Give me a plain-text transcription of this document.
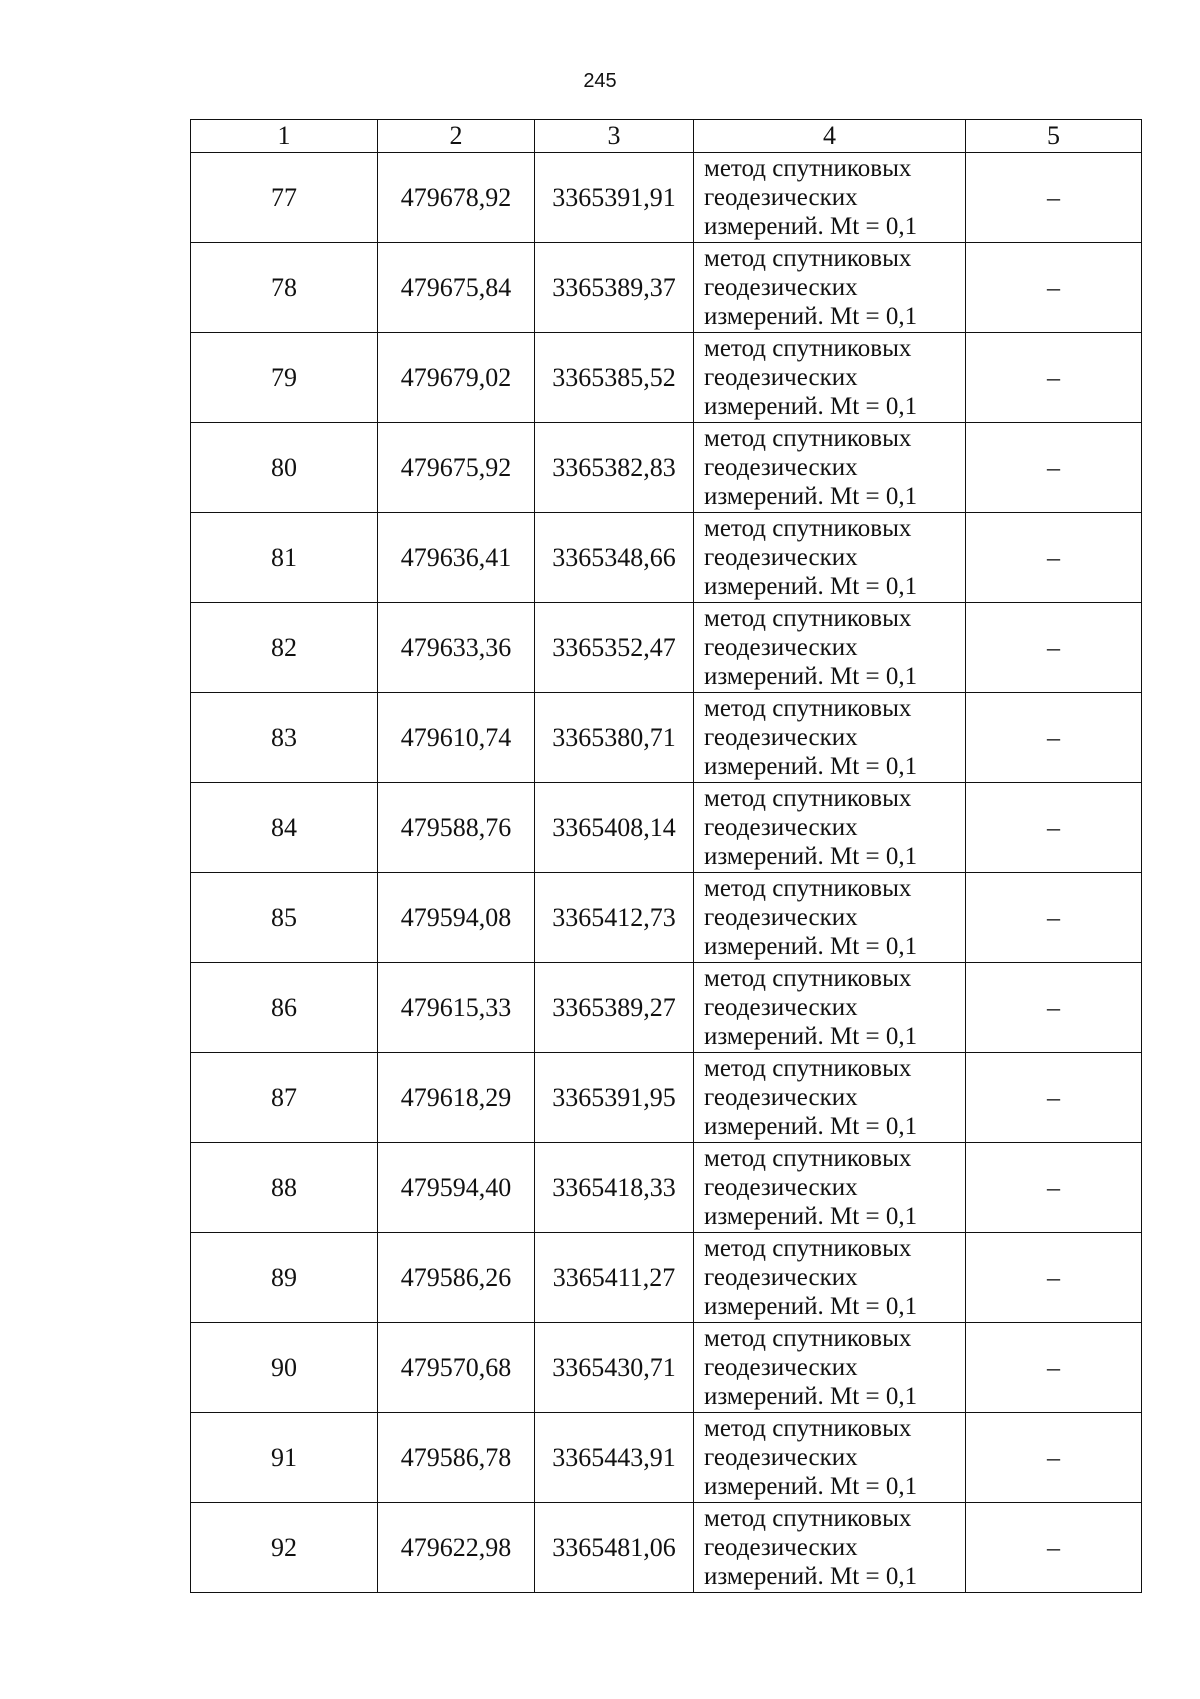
245
1	2	3	4	5
77	479678,92	3365391,91	метод спутниковых
геодезических
измерений. Mt = 0,1	–
78	479675,84	3365389,37	метод спутниковых
геодезических
измерений. Mt = 0,1	–
79	479679,02	3365385,52	метод спутниковых
геодезических
измерений. Mt = 0,1	–
80	479675,92	3365382,83	метод спутниковых
геодезических
измерений. Mt = 0,1	–
81	479636,41	3365348,66	метод спутниковых
геодезических
измерений. Mt = 0,1	–
82	479633,36	3365352,47	метод спутниковых
геодезических
измерений. Mt = 0,1	–
83	479610,74	3365380,71	метод спутниковых
геодезических
измерений. Mt = 0,1	–
84	479588,76	3365408,14	метод спутниковых
геодезических
измерений. Mt = 0,1	–
85	479594,08	3365412,73	метод спутниковых
геодезических
измерений. Mt = 0,1	–
86	479615,33	3365389,27	метод спутниковых
геодезических
измерений. Mt = 0,1	–
87	479618,29	3365391,95	метод спутниковых
геодезических
измерений. Mt = 0,1	–
88	479594,40	3365418,33	метод спутниковых
геодезических
измерений. Mt = 0,1	–
89	479586,26	3365411,27	метод спутниковых
геодезических
измерений. Mt = 0,1	–
90	479570,68	3365430,71	метод спутниковых
геодезических
измерений. Mt = 0,1	–
91	479586,78	3365443,91	метод спутниковых
геодезических
измерений. Mt = 0,1	–
92	479622,98	3365481,06	метод спутниковых
геодезических
измерений. Mt = 0,1	–
